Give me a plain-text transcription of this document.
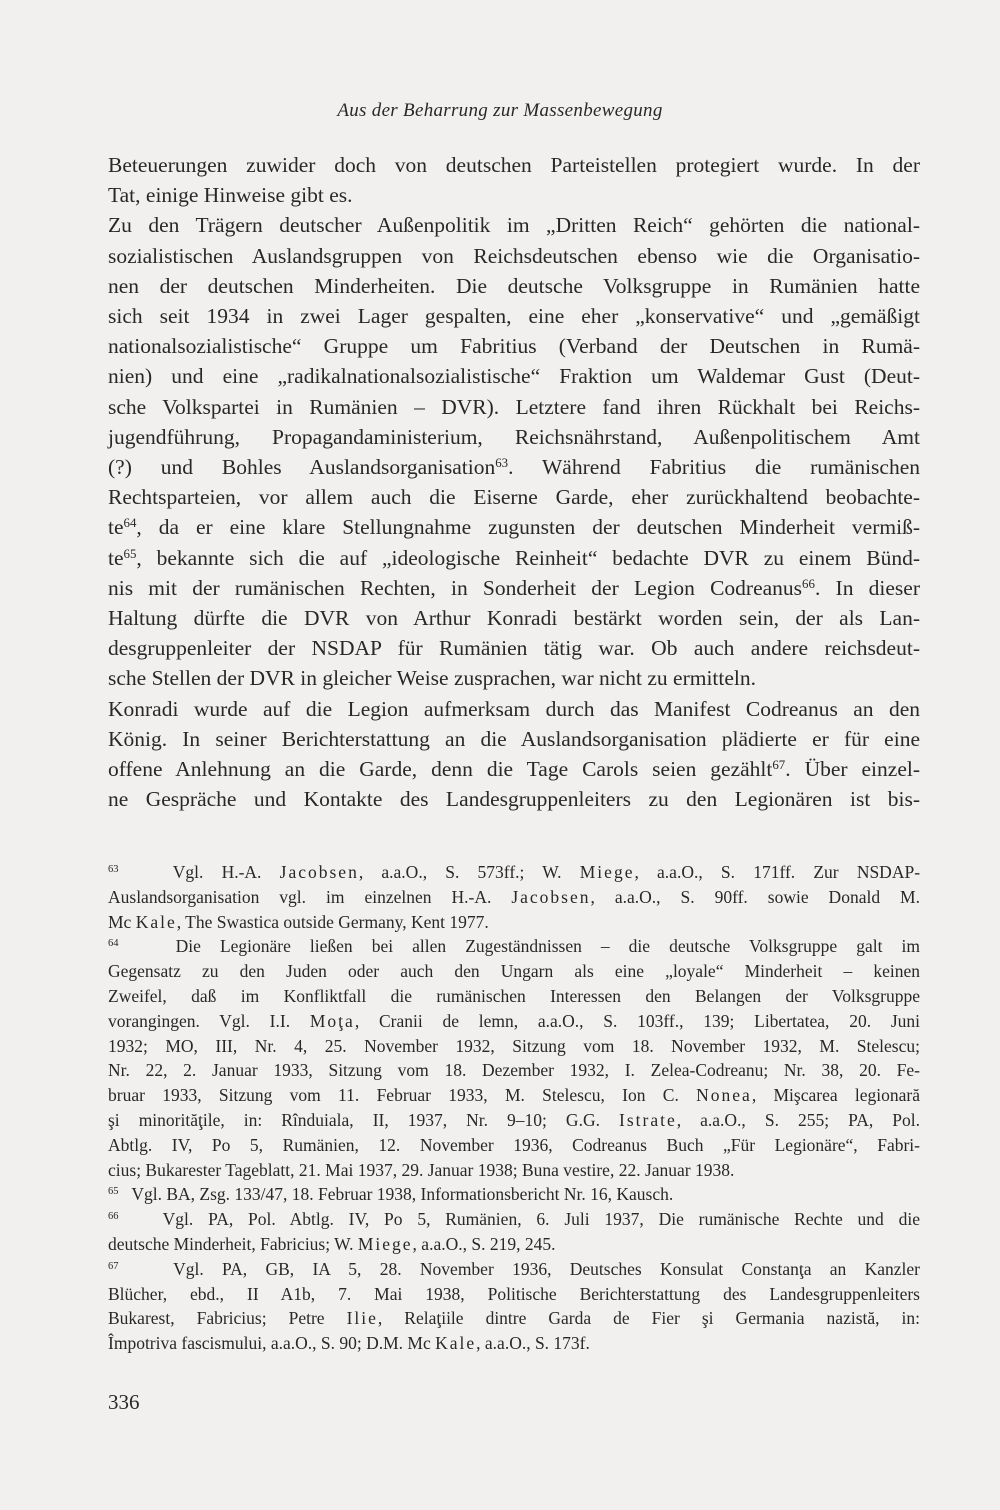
Aus der Beharrung zur Massenbewegung
Beteuerungen zuwider doch von deutschen Parteistellen protegiert wurde. In der
Tat, einige Hinweise gibt es.
Zu den Trägern deutscher Außenpolitik im „Dritten Reich“ gehörten die national-
sozialistischen Auslandsgruppen von Reichsdeutschen ebenso wie die Organisatio-
nen der deutschen Minderheiten. Die deutsche Volksgruppe in Rumänien hatte
sich seit 1934 in zwei Lager gespalten, eine eher „konservative“ und „gemäßigt
nationalsozialistische“ Gruppe um Fabritius (Verband der Deutschen in Rumä-
nien) und eine „radikalnationalsozialistische“ Fraktion um Waldemar Gust (Deut-
sche Volkspartei in Rumänien – DVR). Letztere fand ihren Rückhalt bei Reichs-
jugendführung, Propagandaministerium, Reichsnährstand, Außenpolitischem Amt
(?) und Bohles Auslandsorganisation$^{63}$. Während Fabritius die rumänischen
Rechtsparteien, vor allem auch die Eiserne Garde, eher zurückhaltend beobachte-
$te^{64}$, da er eine klare Stellungnahme zugunsten der deutschen Minderheit vermiß-
$te^{65}$, bekannte sich die auf „ideologische Reinheit“ bedachte DVR zu einem Bünd-
nis mit der rumänischen Rechten, in Sonderheit der Legion Codreanus$^{66}$. In dieser
Haltung dürfte die DVR von Arthur Konradi bestärkt worden sein, der als Lan-
desgruppenleiter der NSDAP für Rumänien tätig war. Ob auch andere reichsdeut-
sche Stellen der DVR in gleicher Weise zusprachen, war nicht zu ermitteln.
Konradi wurde auf die Legion aufmerksam durch das Manifest Codreanus an den
König. In seiner Berichterstattung an die Auslandsorganisation plädierte er für eine
offene Anlehnung an die Garde, denn die Tage Carols seien gezählt$^{67}$. Über einzel-
ne Gespräche und Kontakte des Landesgruppenleiters zu den Legionären ist bis-
$^{63}$	Vgl. H.-A. Jacobsen, a.a.O., S. 573ff.; W. Miege, a.a.O., S. 171ff. Zur NSDAP-
Auslandsorganisation vgl. im einzelnen H.-A. Jacobsen, a.a.O., S. 90ff. sowie Donald M.
Mc Kale, The Swastica outside Germany, Kent 1977.
$^{64}$	Die Legionäre ließen bei allen Zugeständnissen – die deutsche Volksgruppe galt im
Gegensatz zu den Juden oder auch den Ungarn als eine „loyale“ Minderheit – keinen
Zweifel, daß im Konfliktfall die rumänischen Interessen den Belangen der Volksgruppe
vorangingen. Vgl. I.I. Moţa, Cranii de lemn, a.a.O., S. 103ff., 139; Libertatea, 20. Juni
1932; MO, III, Nr. 4, 25. November 1932, Sitzung vom 18. November 1932, M. Stelescu;
Nr. 22, 2. Januar 1933, Sitzung vom 18. Dezember 1932, I. Zelea-Codreanu; Nr. 38, 20. Fe-
bruar 1933, Sitzung vom 11. Februar 1933, M. Stelescu, Ion C. Nonea, Mişcarea legionară
şi minorităţile, in: Rînduiala, II, 1937, Nr. 9–10; G.G. Istrate, a.a.O., S. 255; PA, Pol.
Abtlg. IV, Po 5, Rumänien, 12. November 1936, Codreanus Buch „Für Legionäre“, Fabri-
cius; Bukarester Tageblatt, 21. Mai 1937, 29. Januar 1938; Buna vestire, 22. Januar 1938.
$^{65}$ Vgl. BA, Zsg. 133/47, 18. Februar 1938, Informationsbericht Nr. 16, Kausch.
$^{66}$	Vgl. PA, Pol. Abtlg. IV, Po 5, Rumänien, 6. Juli 1937, Die rumänische Rechte und die
deutsche Minderheit, Fabricius; W. Miege, a.a.O., S. 219, 245.
$^{67}$	Vgl. PA, GB, IA 5, 28. November 1936, Deutsches Konsulat Constanţa an Kanzler
Blücher, ebd., II A1b, 7. Mai 1938, Politische Berichterstattung des Landesgruppenleiters
Bukarest, Fabricius; Petre Ilie, Relaţiile dintre Garda de Fier şi Germania nazistă, in:
Împotriva fascismului, a.a.O., S. 90; D.M. Mc Kale, a.a.O., S. 173f.
336
